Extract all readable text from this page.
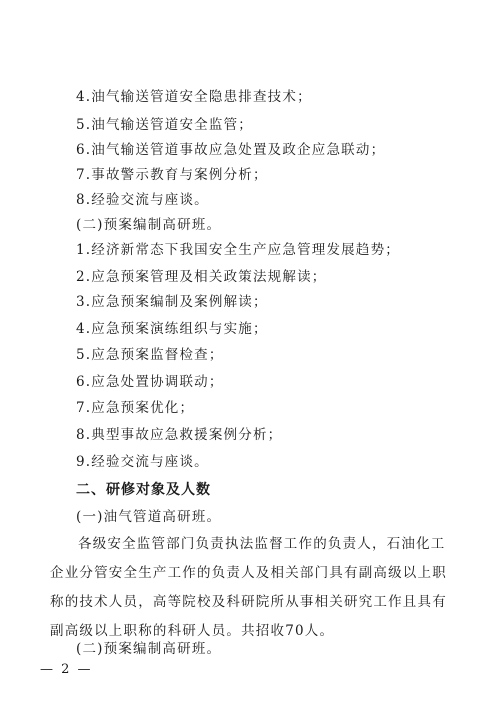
4.油气输送管道安全隐患排查技术；
5.油气输送管道安全监管；
6.油气输送管道事故应急处置及政企应急联动；
7.事故警示教育与案例分析；
8.经验交流与座谈。
(二)预案编制高研班。
1.经济新常态下我国安全生产应急管理发展趋势；
2.应急预案管理及相关政策法规解读；
3.应急预案编制及案例解读；
4.应急预案演练组织与实施；
5.应急预案监督检查；
6.应急处置协调联动；
7.应急预案优化；
8.典型事故应急救援案例分析；
9.经验交流与座谈。
二、研修对象及人数
(一)油气管道高研班。
各级安全监管部门负责执法监督工作的负责人，石油化工企业分管安全生产工作的负责人及相关部门具有副高级以上职称的技术人员，高等院校及科研院所从事相关研究工作且具有副高级以上职称的科研人员。共招收70人。
(二)预案编制高研班。
— 2 —
